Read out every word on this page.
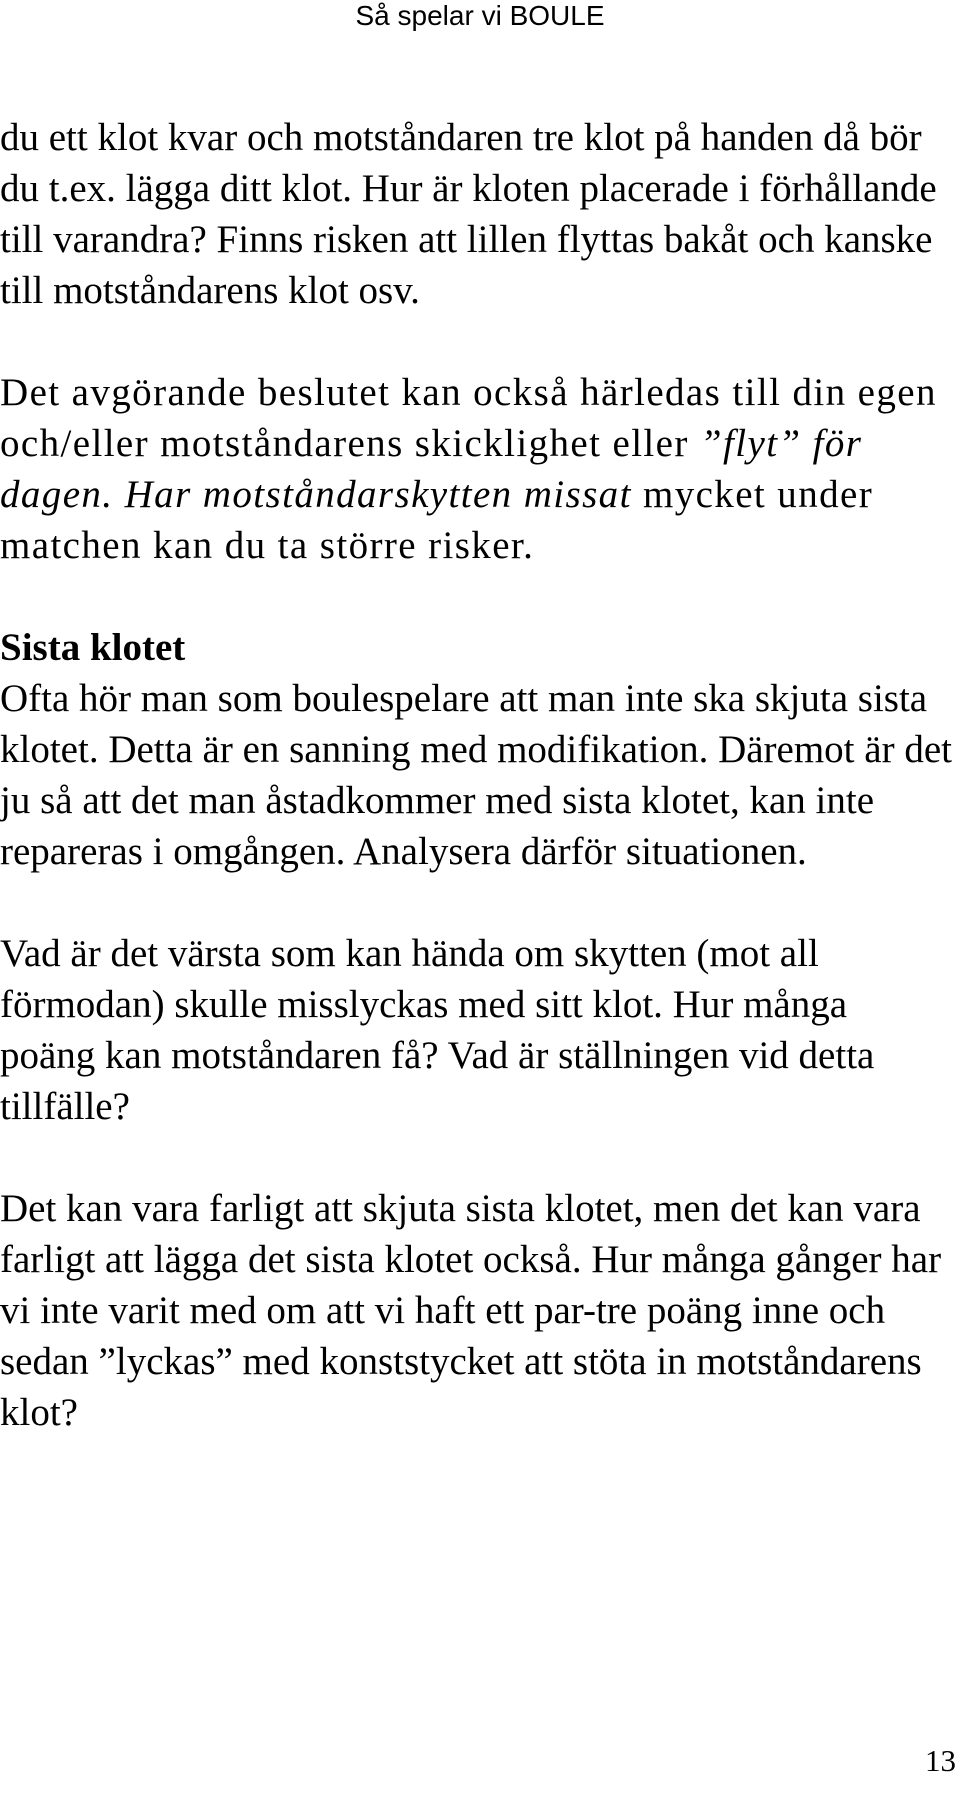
Så spelar vi BOULE

du ett klot kvar och motståndaren tre klot på handen då bör du t.ex. lägga ditt klot. Hur är kloten placerade i förhållande till varandra? Finns risken att lillen flyttas bakåt och kanske till motståndarens klot osv.

Det avgörande beslutet kan också härledas till din egen och/eller motståndarens skicklighet eller ”flyt” för dagen. Har motståndarskytten missat mycket under matchen kan du ta större risker.

Sista klotet
Ofta hör man som boulespelare att man inte ska skjuta sista klotet. Detta är en sanning med modifikation. Däremot är det ju så att det man åstadkommer med sista klotet, kan inte repareras i omgången. Analysera därför situationen.

Vad är det värsta som kan hända om skytten (mot all förmodan) skulle misslyckas med sitt klot. Hur många poäng kan motståndaren få? Vad är ställningen vid detta tillfälle?

Det kan vara farligt att skjuta sista klotet, men det kan vara farligt att lägga det sista klotet också. Hur många gånger har vi inte varit med om att vi haft ett par-tre poäng inne och sedan ”lyckas” med konststycket att stöta in motståndarens klot?

13
